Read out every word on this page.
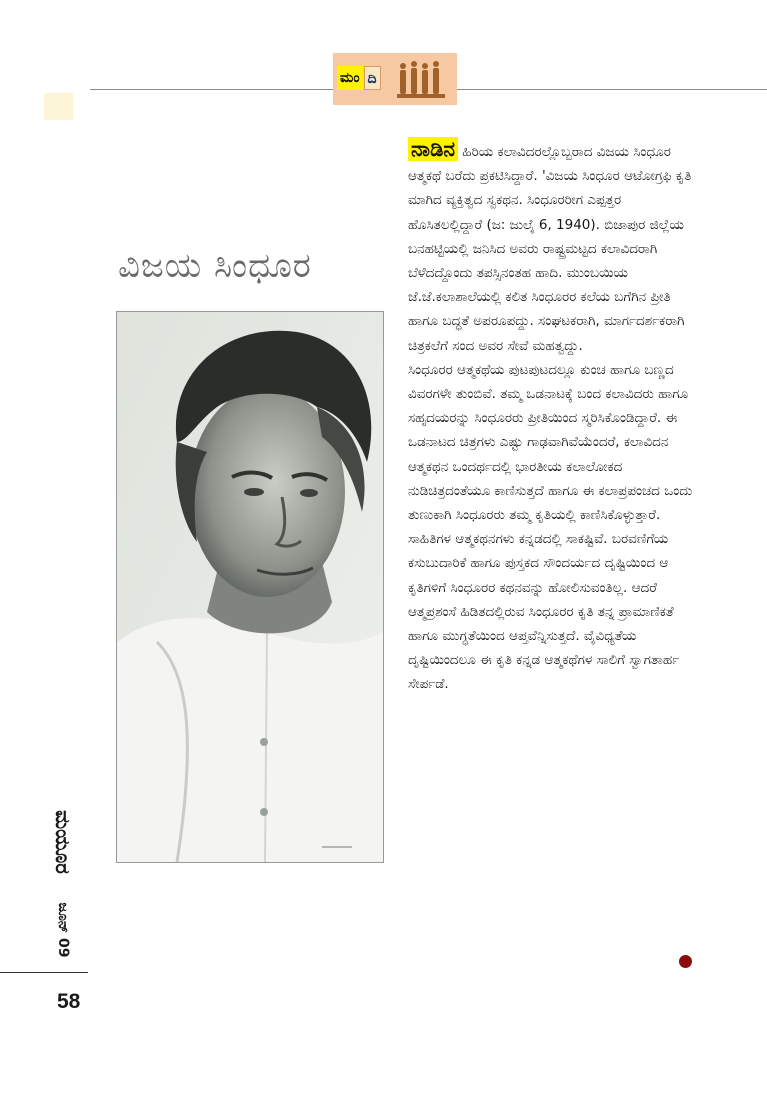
ಮಂ ದಿ
ವಿಜಯ ಸಿಂಧೂರ

ನಾಡಿನ ಹಿರಿಯ ಕಲಾವಿದರಲ್ಲೊಬ್ಬರಾದ ವಿಜಯ ಸಿಂಧೂರ ಆತ್ಮಕಥೆ ಬರೆದು ಪ್ರಕಟಿಸಿದ್ದಾರೆ. 'ವಿಜಯ ಸಿಂಧೂರ ಆಟೋಗ್ರಫಿ ಕೃತಿ ಮಾಗಿದ ವ್ಯಕ್ತಿತ್ವದ ಸ್ವಕಥನ. ಸಿಂಧೂರರೀಗ ಎಪ್ಪತ್ತರ ಹೊಸಿತಲಲ್ಲಿದ್ದಾರೆ (ಜ: ಜುಲೈ 6, 1940). ಬಿಜಾಪುರ ಜಿಲ್ಲೆಯ ಬನಹಟ್ಟಿಯಲ್ಲಿ ಜನಿಸಿದ ಅವರು ರಾಷ್ಟ್ರಮಟ್ಟದ ಕಲಾವಿದರಾಗಿ ಬೆಳೆದದ್ದೊಂದು ತಪಸ್ಸಿನಂತಹ ಹಾದಿ. ಮುಂಬಯಿಯ ಜೆ.ಜೆ.ಕಲಾಶಾಲೆಯಲ್ಲಿ ಕಲಿತ ಸಿಂಧೂರರ ಕಲೆಯ ಬಗೆಗಿನ ಪ್ರೀತಿ ಹಾಗೂ ಬದ್ಧತೆ ಅಪರೂಪದ್ದು. ಸಂಘಟಕರಾಗಿ, ಮಾರ್ಗದರ್ಶಕರಾಗಿ ಚಿತ್ರಕಲೆಗೆ ಸಂದ ಅವರ ಸೇವೆ ಮಹತ್ವದ್ದು.

ಸಿಂಧೂರರ ಆತ್ಮಕಥೆಯ ಪುಟಪುಟದಲ್ಲೂ ಕುಂಚ ಹಾಗೂ ಬಣ್ಣದ ವಿವರಗಳೇ ತುಂಬಿವೆ. ತಮ್ಮ ಒಡನಾಟಕ್ಕೆ ಬಂದ ಕಲಾವಿದರು ಹಾಗೂ ಸಹೃದಯರನ್ನು ಸಿಂಧೂರರು ಪ್ರೀತಿಯಿಂದ ಸ್ಮರಿಸಿಕೊಂಡಿದ್ದಾರೆ. ಈ ಒಡನಾಟದ ಚಿತ್ರಗಳು ಎಷ್ಟು ಗಾಢವಾಗಿವೆಯೆಂದರೆ, ಕಲಾವಿದನ ಆತ್ಮಕಥನ ಒಂದರ್ಥದಲ್ಲಿ ಭಾರತೀಯ ಕಲಾಲೋಕದ ನುಡಿಚಿತ್ರದಂತೆಯೂ ಕಾಣಿಸುತ್ತದೆ ಹಾಗೂ ಈ ಕಲಾಪ್ರಪಂಚದ ಒಂದು ತುಣುಕಾಗಿ ಸಿಂಧೂರರು ತಮ್ಮ ಕೃತಿಯಲ್ಲಿ ಕಾಣಿಸಿಕೊಳ್ಳುತ್ತಾರೆ.

ಸಾಹಿತಿಗಳ ಆತ್ಮಕಥನಗಳು ಕನ್ನಡದಲ್ಲಿ ಸಾಕಷ್ಟಿವೆ. ಬರವಣಿಗೆಯ ಕಸುಬುದಾರಿಕೆ ಹಾಗೂ ಪುಸ್ತಕದ ಸೌಂದರ್ಯದ ದೃಷ್ಟಿಯಿಂದ ಆ ಕೃತಿಗಳಿಗೆ ಸಿಂಧೂರರ ಕಥನವನ್ನು ಹೋಲಿಸುವಂತಿಲ್ಲ. ಆದರೆ ಆತ್ಮಪ್ರಶಂಸೆ ಹಿಡಿತದಲ್ಲಿರುವ ಸಿಂಧೂರರ ಕೃತಿ ತನ್ನ ಪ್ರಾಮಾಣಿಕತೆ ಹಾಗೂ ಮುಗ್ಧತೆಯಿಂದ ಆಪ್ತವೆನ್ನಿಸುತ್ತದೆ. ವೈವಿಧ್ಯತೆಯ ದೃಷ್ಟಿಯಿಂದಲೂ ಈ ಕೃತಿ ಕನ್ನಡ ಆತ್ಮಕಥೆಗಳ ಸಾಲಿಗೆ ಸ್ವಾಗತಾರ್ಹ ಸೇರ್ಪಡೆ.

ಮಯೂರ
ಜೂನ್ 09
58
